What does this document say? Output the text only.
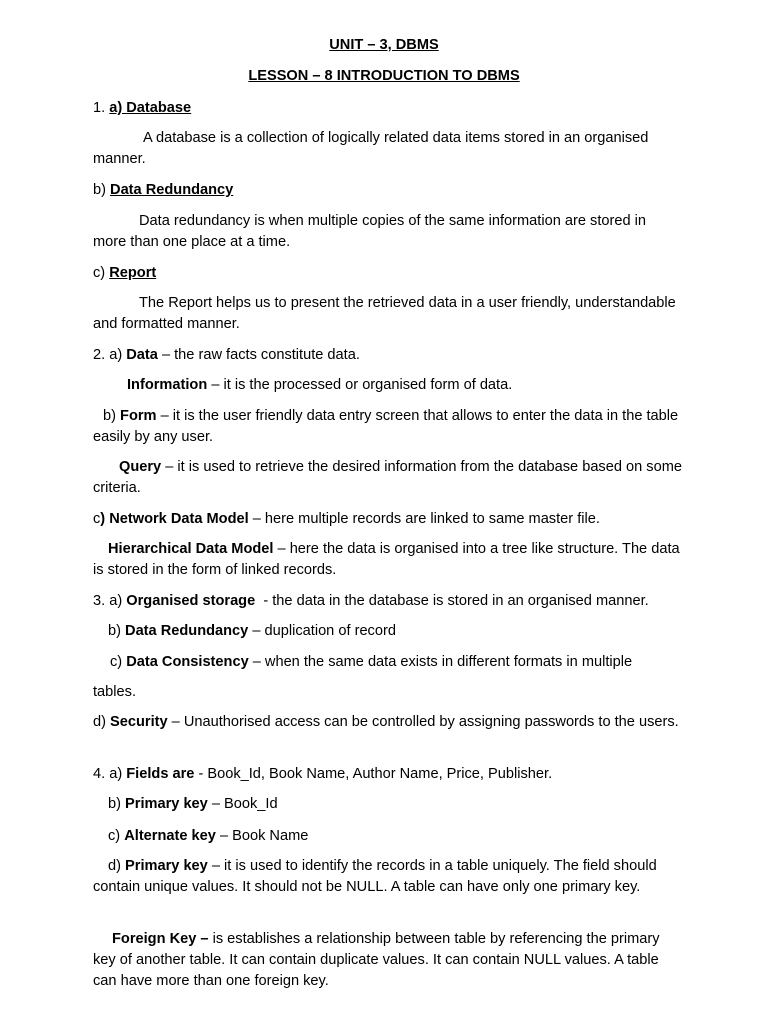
UNIT – 3, DBMS
LESSON – 8 INTRODUCTION TO DBMS
1. a) Database
A database is a collection of logically related data items stored in an organised manner.
b) Data Redundancy
Data redundancy is when multiple copies of the same information are stored in more than one place at a time.
c) Report
The Report helps us to present the retrieved data in a user friendly, understandable and formatted manner.
2. a) Data – the raw facts constitute data.
Information – it is the processed or organised form of data.
b) Form – it is the user friendly data entry screen that allows to enter the data in the table easily by any user.
Query – it is used to retrieve the desired information from the database based on some criteria.
c) Network Data Model – here multiple records are linked to same master file.
Hierarchical Data Model – here the data is organised into a tree like structure. The data is stored in the form of linked records.
3. a) Organised storage  - the data in the database is stored in an organised manner.
b) Data Redundancy – duplication of record
c) Data Consistency – when the same data exists in different formats in multiple
tables.
d) Security – Unauthorised access can be controlled by assigning passwords to the users.
4. a) Fields are - Book_Id, Book Name, Author Name, Price, Publisher.
b) Primary key – Book_Id
c) Alternate key – Book Name
d) Primary key – it is used to identify the records in a table uniquely. The field should contain unique values. It should not be NULL. A table can have only one primary key.
Foreign Key – is establishes a relationship between table by referencing the primary key of another table. It can contain duplicate values. It can contain NULL values. A table can have more than one foreign key.
